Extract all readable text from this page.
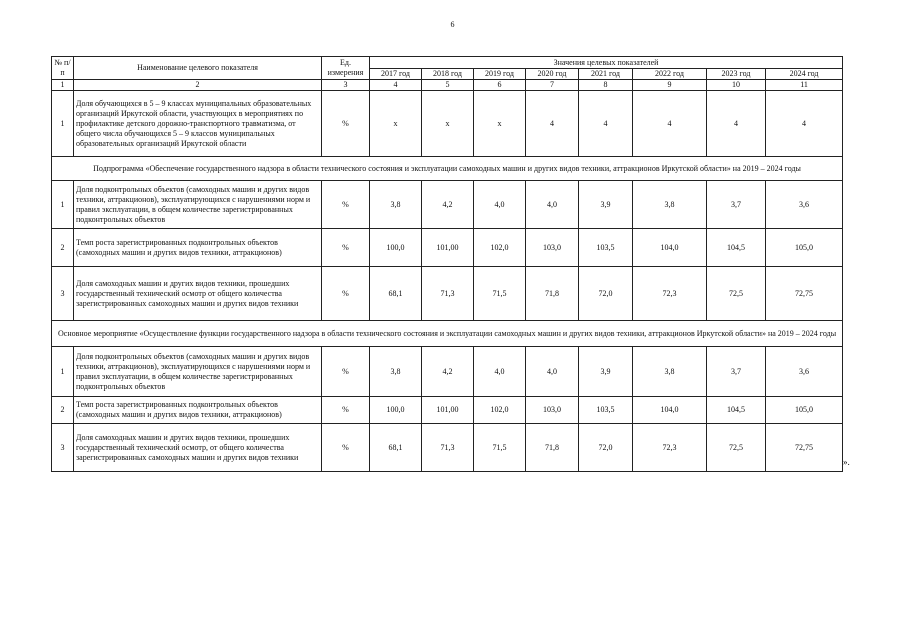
6
№ п/п	Наименование целевого показателя	Ед. измерения	Значения целевых показателей							
			2017 год	2018 год	2019 год	2020 год	2021 год	2022 год	2023 год	2024 год
1	2	3	4	5	6	7	8	9	10	11
1	Доля обучающихся в 5 – 9 классах муниципальных образовательных организаций Иркутской области, участвующих в мероприятиях по профилактике детского дорожно-транспортного травматизма, от общего числа обучающихся 5 – 9 классов муниципальных образовательных организаций Иркутской области	%	х	х	х	4	4	4	4	4
Подпрограмма «Обеспечение государственного надзора в области технического состояния и эксплуатации самоходных машин и других видов техники, аттракционов Иркутской области» на 2019 – 2024 годы										
1	Доля подконтрольных объектов (самоходных машин и других видов техники, аттракционов), эксплуатирующихся с нарушениями норм и правил эксплуатации, в общем количестве зарегистрированных подконтрольных объектов	%	3,8	4,2	4,0	4,0	3,9	3,8	3,7	3,6
2	Темп роста зарегистрированных подконтрольных объектов (самоходных машин и других видов техники, аттракционов)	%	100,0	101,00	102,0	103,0	103,5	104,0	104,5	105,0
3	Доля самоходных машин и других видов техники, прошедших государственный технический осмотр от общего количества зарегистрированных самоходных машин и других видов техники	%	68,1	71,3	71,5	71,8	72,0	72,3	72,5	72,75
Основное мероприятие «Осуществление функции государственного надзора в области технического состояния и эксплуатации самоходных машин и других видов техники, аттракционов Иркутской области» на 2019 – 2024 годы										
1	Доля подконтрольных объектов (самоходных машин и других видов техники, аттракционов), эксплуатирующихся с нарушениями норм и правил эксплуатации, в общем количестве зарегистрированных подконтрольных объектов	%	3,8	4,2	4,0	4,0	3,9	3,8	3,7	3,6
2	Темп роста зарегистрированных подконтрольных объектов (самоходных машин и других видов техники, аттракционов)	%	100,0	101,00	102,0	103,0	103,5	104,0	104,5	105,0
3	Доля самоходных машин и других видов техники, прошедших государственный технический осмотр, от общего количества зарегистрированных самоходных машин и других видов техники	%	68,1	71,3	71,5	71,8	72,0	72,3	72,5	72,75
».
